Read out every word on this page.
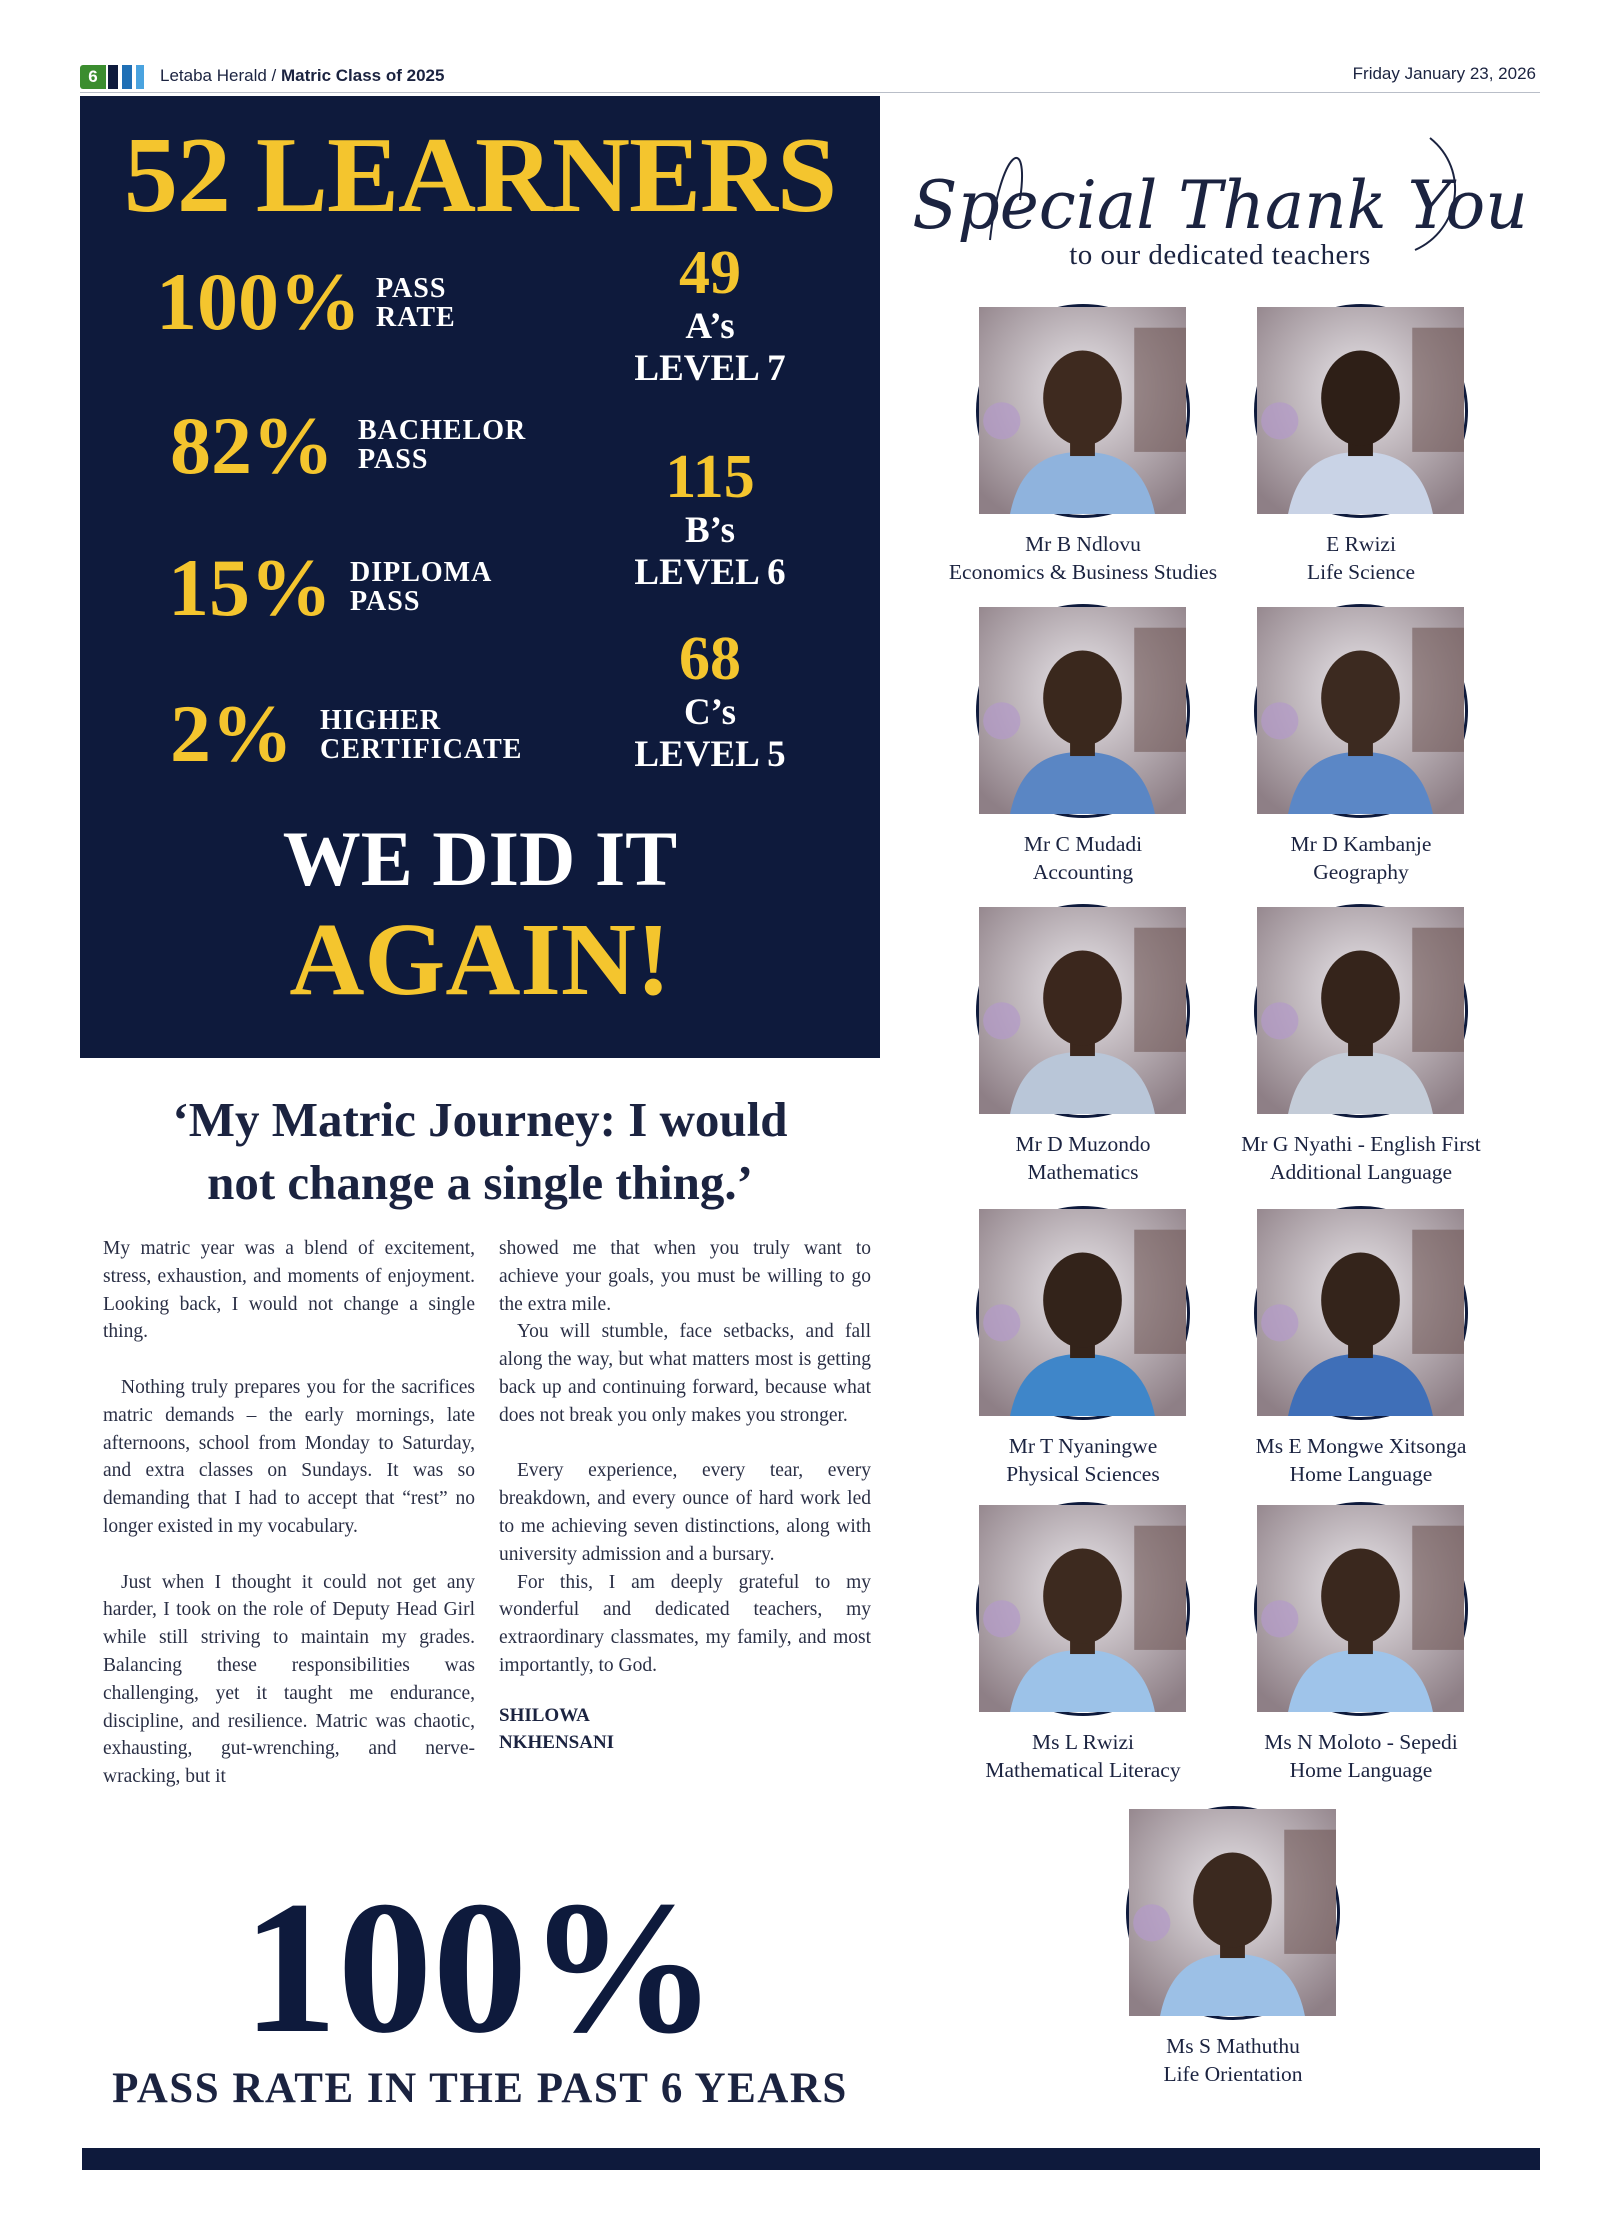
6	Letaba Herald / Matric Class of 2025	Friday January 23, 2026
52 LEARNERS
100% PASS
RATE
82% BACHELOR
PASS
15% DIPLOMA
PASS
2% HIGHER
CERTIFICATE
49
A’s
LEVEL 7
115
B’s
LEVEL 6
68
C’s
LEVEL 5
WE DID IT
AGAIN!
‘My Matric Journey: I would
not change a single thing.’

My matric year was a blend of excitement, stress, exhaustion, and moments of enjoyment. Looking back, I would not change a single thing.

Nothing truly prepares you for the sacrifices matric demands – the early mornings, late afternoons, school from Monday to Saturday, and extra classes on Sundays. It was so demanding that I had to accept that “rest” no longer existed in my vocabulary.

Just when I thought it could not get any harder, I took on the role of Deputy Head Girl while still striving to maintain my grades. Balancing these responsibilities was challenging, yet it taught me endurance, discipline, and resilience. Matric was chaotic, exhausting, gut-wrenching, and nerve-wracking, but it

showed me that when you truly want to achieve your goals, you must be willing to go the extra mile.

You will stumble, face setbacks, and fall along the way, but what matters most is getting back up and continuing forward, because what does not break you only makes you stronger.

Every experience, every tear, every breakdown, and every ounce of hard work led to me achieving seven distinctions, along with university admission and a bursary.

For this, I am deeply grateful to my wonderful and dedicated teachers, my extraordinary classmates, my family, and most importantly, to God.

SHILOWA
NKHENSANI
100%
PASS RATE IN THE PAST 6 YEARS
Special Thank You
to our dedicated teachers
Mr B Ndlovu
Economics & Business Studies
E Rwizi
Life Science
Mr C Mudadi
Accounting
Mr D Kambanje
Geography
Mr D Muzondo
Mathematics
Mr G Nyathi - English First
Additional Language
Mr T Nyaningwe
Physical Sciences
Ms E Mongwe Xitsonga
Home Language
Ms L Rwizi
Mathematical Literacy
Ms N Moloto - Sepedi
Home Language
Ms S Mathuthu
Life Orientation
